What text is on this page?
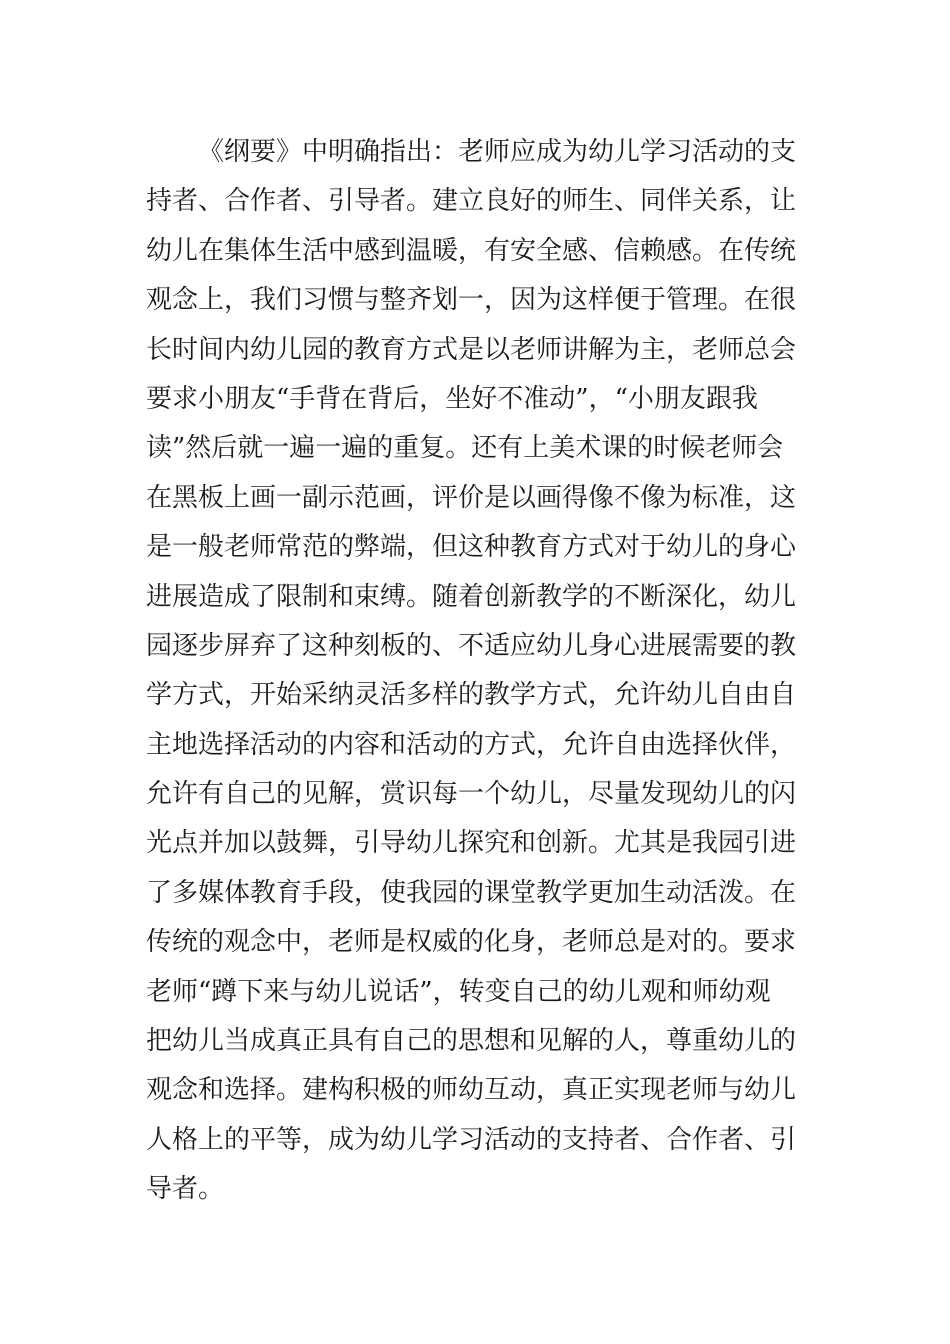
《纲要》中明确指出：老师应成为幼儿学习活动的支
持者、合作者、引导者。建立良好的师生、同伴关系，让
幼儿在集体生活中感到温暖，有安全感、信赖感。在传统
观念上，我们习惯与整齐划一，因为这样便于管理。在很
长时间内幼儿园的教育方式是以老师讲解为主，老师总会
要求小朋友“手背在背后，坐好不准动”，“小朋友跟我
读”然后就一遍一遍的重复。还有上美术课的时候老师会
在黑板上画一副示范画，评价是以画得像不像为标准，这
是一般老师常范的弊端，但这种教育方式对于幼儿的身心
进展造成了限制和束缚。随着创新教学的不断深化，幼儿
园逐步屏弃了这种刻板的、不适应幼儿身心进展需要的教
学方式，开始采纳灵活多样的教学方式，允许幼儿自由自
主地选择活动的内容和活动的方式，允许自由选择伙伴，
允许有自己的见解，赏识每一个幼儿，尽量发现幼儿的闪
光点并加以鼓舞，引导幼儿探究和创新。尤其是我园引进
了多媒体教育手段，使我园的课堂教学更加生动活泼。在
传统的观念中，老师是权威的化身，老师总是对的。要求
老师“蹲下来与幼儿说话”，转变自己的幼儿观和师幼观
把幼儿当成真正具有自己的思想和见解的人，尊重幼儿的
观念和选择。建构积极的师幼互动，真正实现老师与幼儿
人格上的平等，成为幼儿学习活动的支持者、合作者、引
导者。
